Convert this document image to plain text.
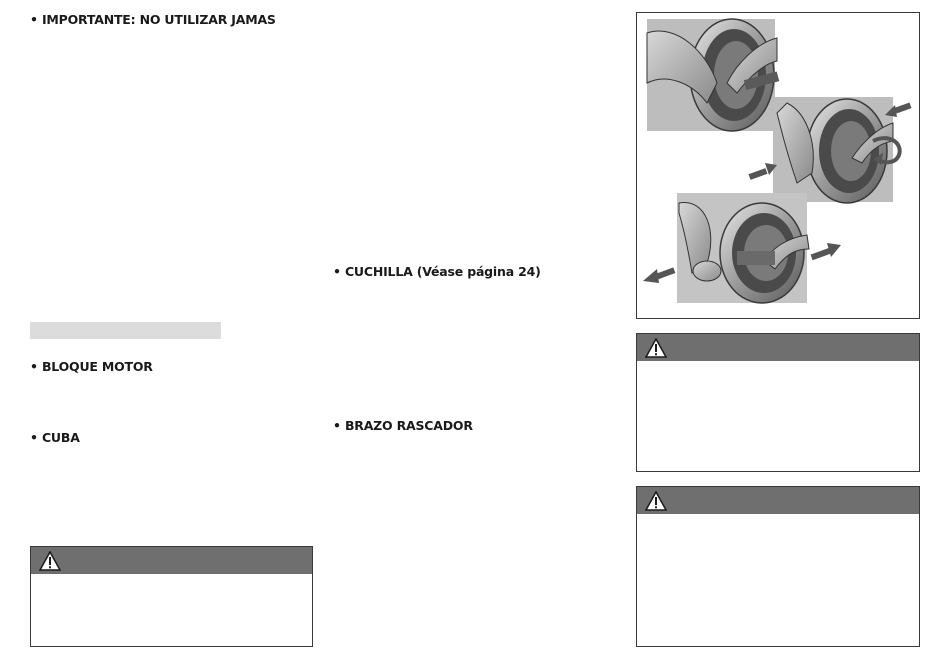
• IMPORTANTE: NO UTILIZAR JAMAS
• BLOQUE MOTOR
• CUBA
• CUCHILLA (Véase página 24)
• BRAZO RASCADOR
